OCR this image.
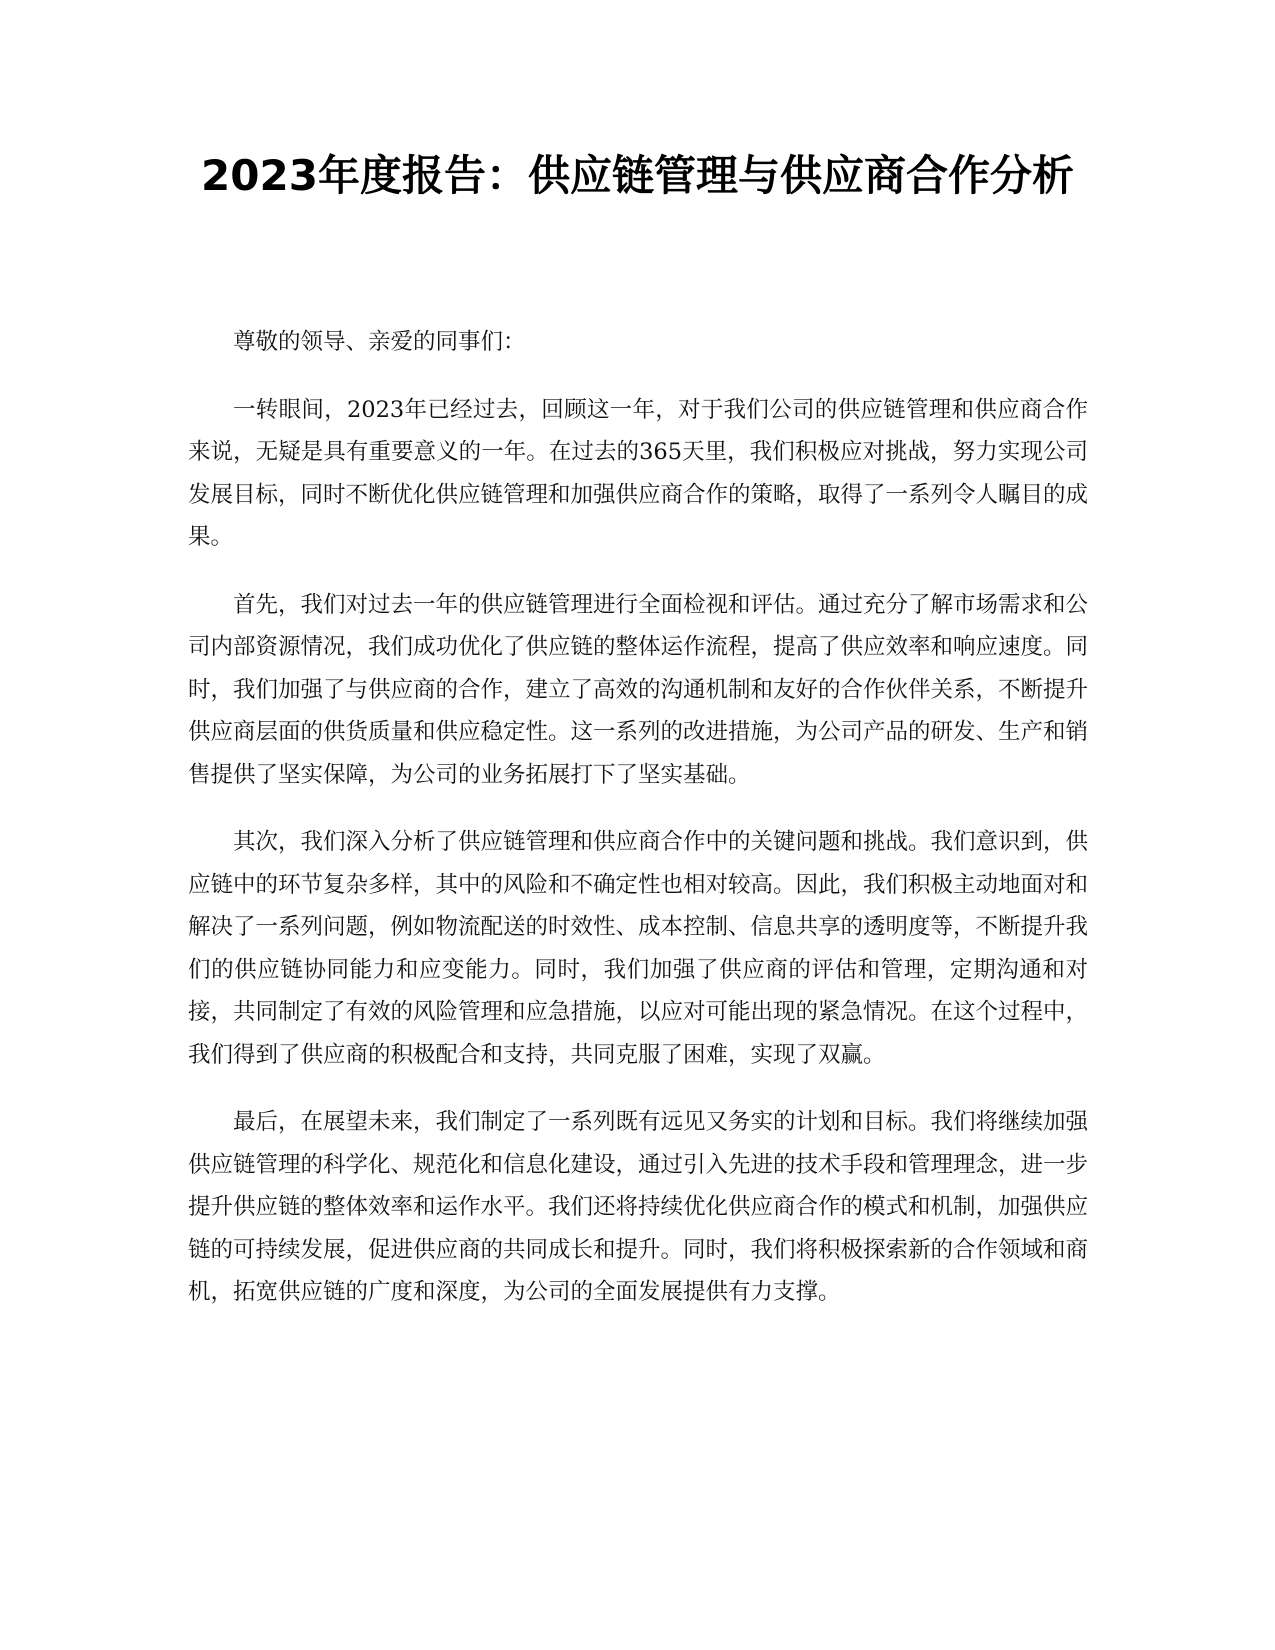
2023年度报告：供应链管理与供应商合作分析

尊敬的领导、亲爱的同事们：

一转眼间，2023年已经过去，回顾这一年，对于我们公司的供应链管理和供应商合作来说，无疑是具有重要意义的一年。在过去的365天里，我们积极应对挑战，努力实现公司发展目标，同时不断优化供应链管理和加强供应商合作的策略，取得了一系列令人瞩目的成果。

首先，我们对过去一年的供应链管理进行全面检视和评估。通过充分了解市场需求和公司内部资源情况，我们成功优化了供应链的整体运作流程，提高了供应效率和响应速度。同时，我们加强了与供应商的合作，建立了高效的沟通机制和友好的合作伙伴关系，不断提升供应商层面的供货质量和供应稳定性。这一系列的改进措施，为公司产品的研发、生产和销售提供了坚实保障，为公司的业务拓展打下了坚实基础。

其次，我们深入分析了供应链管理和供应商合作中的关键问题和挑战。我们意识到，供应链中的环节复杂多样，其中的风险和不确定性也相对较高。因此，我们积极主动地面对和解决了一系列问题，例如物流配送的时效性、成本控制、信息共享的透明度等，不断提升我们的供应链协同能力和应变能力。同时，我们加强了供应商的评估和管理，定期沟通和对接，共同制定了有效的风险管理和应急措施，以应对可能出现的紧急情况。在这个过程中，我们得到了供应商的积极配合和支持，共同克服了困难，实现了双赢。

最后，在展望未来，我们制定了一系列既有远见又务实的计划和目标。我们将继续加强供应链管理的科学化、规范化和信息化建设，通过引入先进的技术手段和管理理念，进一步提升供应链的整体效率和运作水平。我们还将持续优化供应商合作的模式和机制，加强供应链的可持续发展，促进供应商的共同成长和提升。同时，我们将积极探索新的合作领域和商机，拓宽供应链的广度和深度，为公司的全面发展提供有力支撑。
